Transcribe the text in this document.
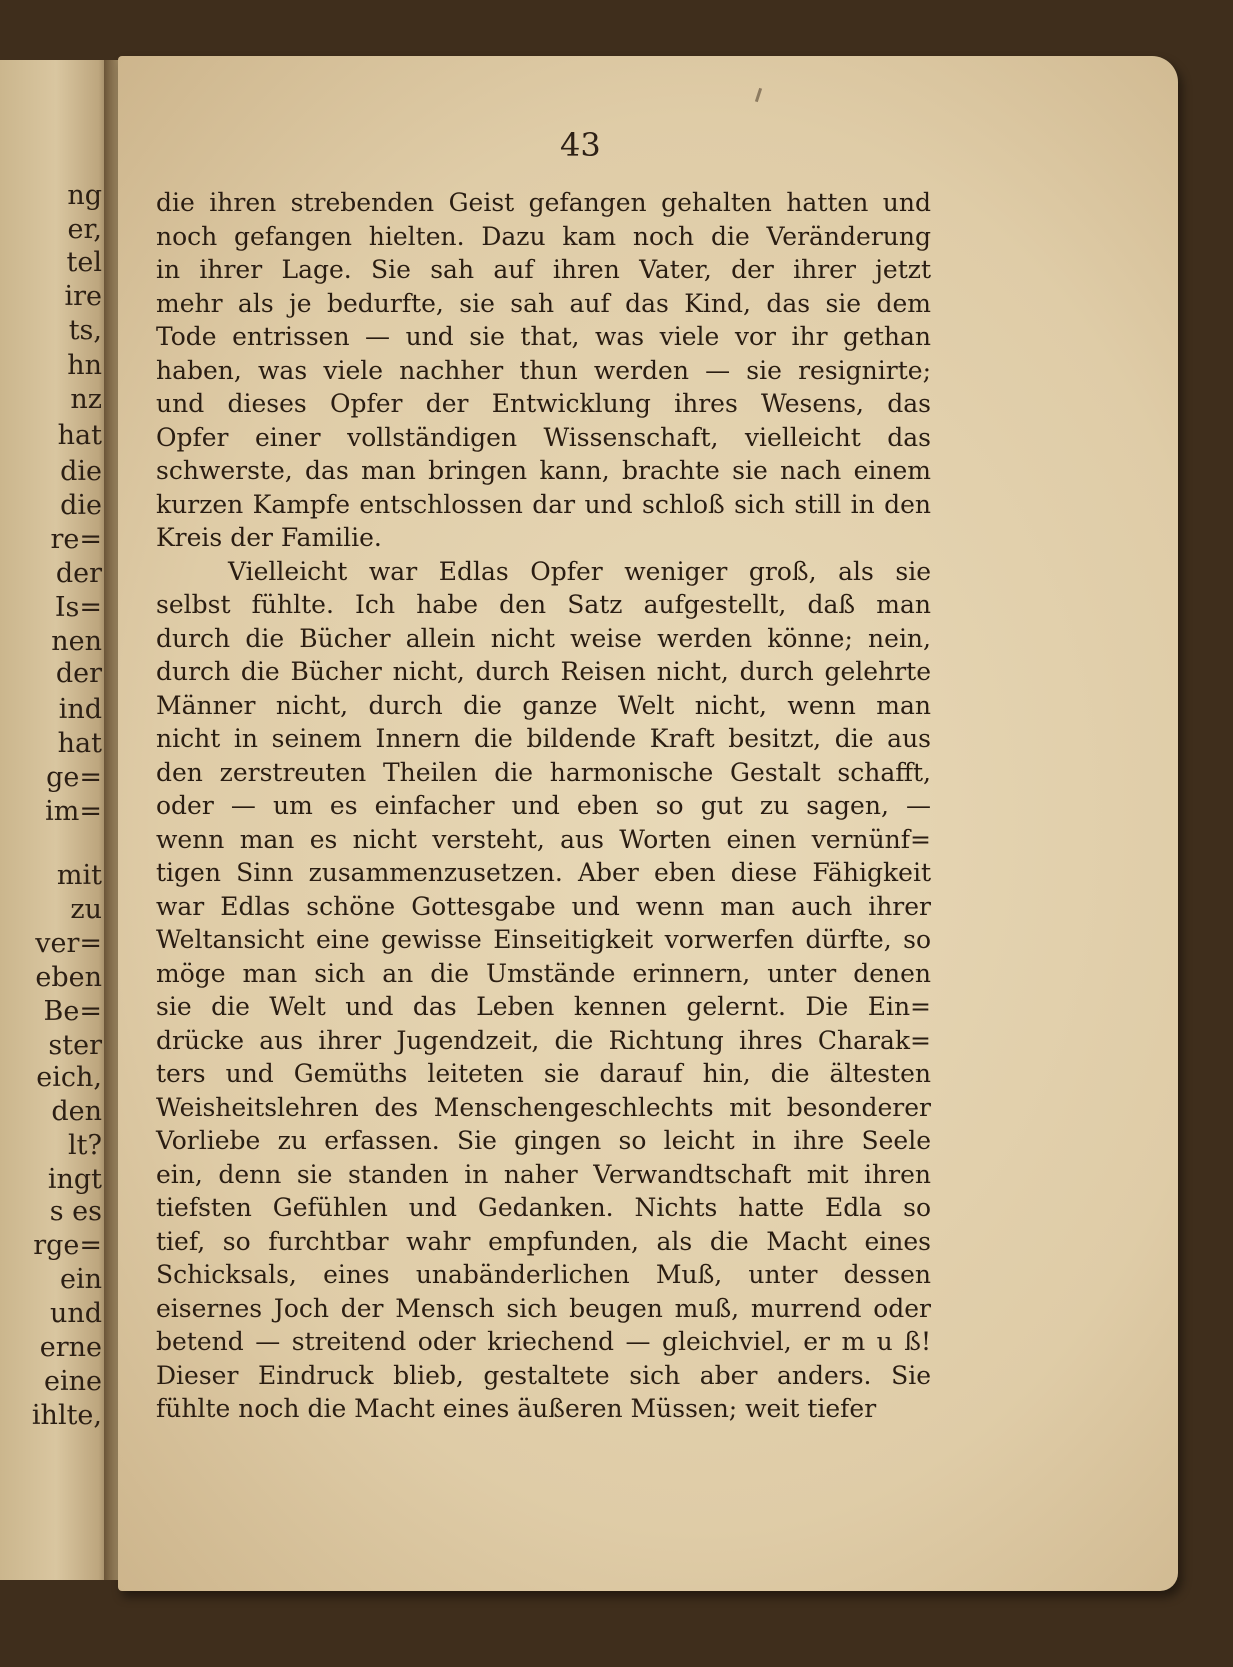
ng

er,

tel

ire

ts,

hn

nz

hat

die

die

re=

der

Is=

nen

der

ind

hat

ge=

im=

mit

zu

ver=

eben

Be=

ster

eich,

den

lt?

ingt

s es

rge=

ein

und

erne

eine

ihlte,

43

die ihren strebenden Geist gefangen gehalten hatten und

noch gefangen hielten. Dazu kam noch die Veränderung

in ihrer Lage. Sie sah auf ihren Vater, der ihrer jetzt

mehr als je bedurfte, sie sah auf das Kind, das sie dem

Tode entrissen — und sie that, was viele vor ihr gethan

haben, was viele nachher thun werden — sie resignirte;

und dieses Opfer der Entwicklung ihres Wesens, das

Opfer einer vollständigen Wissenschaft, vielleicht das

schwerste, das man bringen kann, brachte sie nach einem

kurzen Kampfe entschlossen dar und schloß sich still in den

Kreis der Familie.

Vielleicht war Edlas Opfer weniger groß, als sie

selbst fühlte. Ich habe den Satz aufgestellt, daß man

durch die Bücher allein nicht weise werden könne; nein,

durch die Bücher nicht, durch Reisen nicht, durch gelehrte

Männer nicht, durch die ganze Welt nicht, wenn man

nicht in seinem Innern die bildende Kraft besitzt, die aus

den zerstreuten Theilen die harmonische Gestalt schafft,

oder — um es einfacher und eben so gut zu sagen, —

wenn man es nicht versteht, aus Worten einen vernünf=

tigen Sinn zusammenzusetzen. Aber eben diese Fähigkeit

war Edlas schöne Gottesgabe und wenn man auch ihrer

Weltansicht eine gewisse Einseitigkeit vorwerfen dürfte, so

möge man sich an die Umstände erinnern, unter denen

sie die Welt und das Leben kennen gelernt. Die Ein=

drücke aus ihrer Jugendzeit, die Richtung ihres Charak=

ters und Gemüths leiteten sie darauf hin, die ältesten

Weisheitslehren des Menschengeschlechts mit besonderer

Vorliebe zu erfassen. Sie gingen so leicht in ihre Seele

ein, denn sie standen in naher Verwandtschaft mit ihren

tiefsten Gefühlen und Gedanken. Nichts hatte Edla so

tief, so furchtbar wahr empfunden, als die Macht eines

Schicksals, eines unabänderlichen Muß, unter dessen

eisernes Joch der Mensch sich beugen muß, murrend oder

betend — streitend oder kriechend — gleichviel, er m u ß!

Dieser Eindruck blieb, gestaltete sich aber anders. Sie

fühlte noch die Macht eines äußeren Müssen; weit tiefer
